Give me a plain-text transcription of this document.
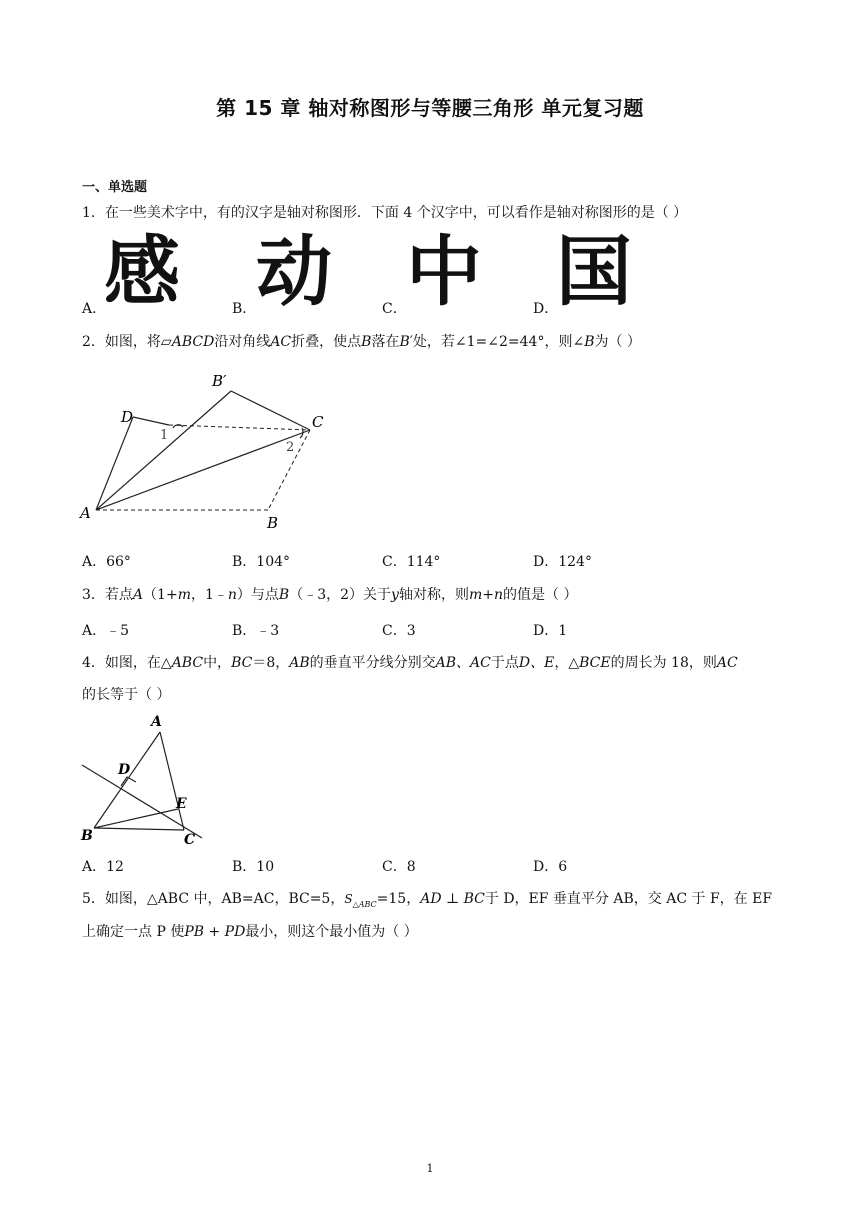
第 15 章 轴对称图形与等腰三角形 单元复习题
一、单选题
1．在一些美术字中，有的汉字是轴对称图形．下面 4 个汉字中，可以看作是轴对称图形的是（ ）
A．
感	B． 动	C． 中	D．
国
2．如图，将▱ABCD沿对角线AC折叠，使点B落在B′处，若∠1=∠2=44°，则∠B为（ ）
B′
D	C
A
B
1
2
A．66°	B．104°	C．114°	D．124°
3．若点A（1+m，1﹣n）与点B（﹣3，2）关于y轴对称，则m+n的值是（ ）
A．﹣5	B．﹣3	C．3	D．1
4．如图，在△ABC中，BC＝8，AB的垂直平分线分别交AB、AC于点D、E，△BCE的周长为 18，则AC
的长等于（ ）
A
D
E
B	C
A．12	B．10	C．8	D．6
5．如图，△ABC 中，AB=AC，BC=5，$S_{\triangle ABC}=15$，AD ⊥ BC于 D，EF 垂直平分 AB，交 AC 于 F，在 EF
上确定一点 P 使PB + PD最小，则这个最小值为（ ）
1
